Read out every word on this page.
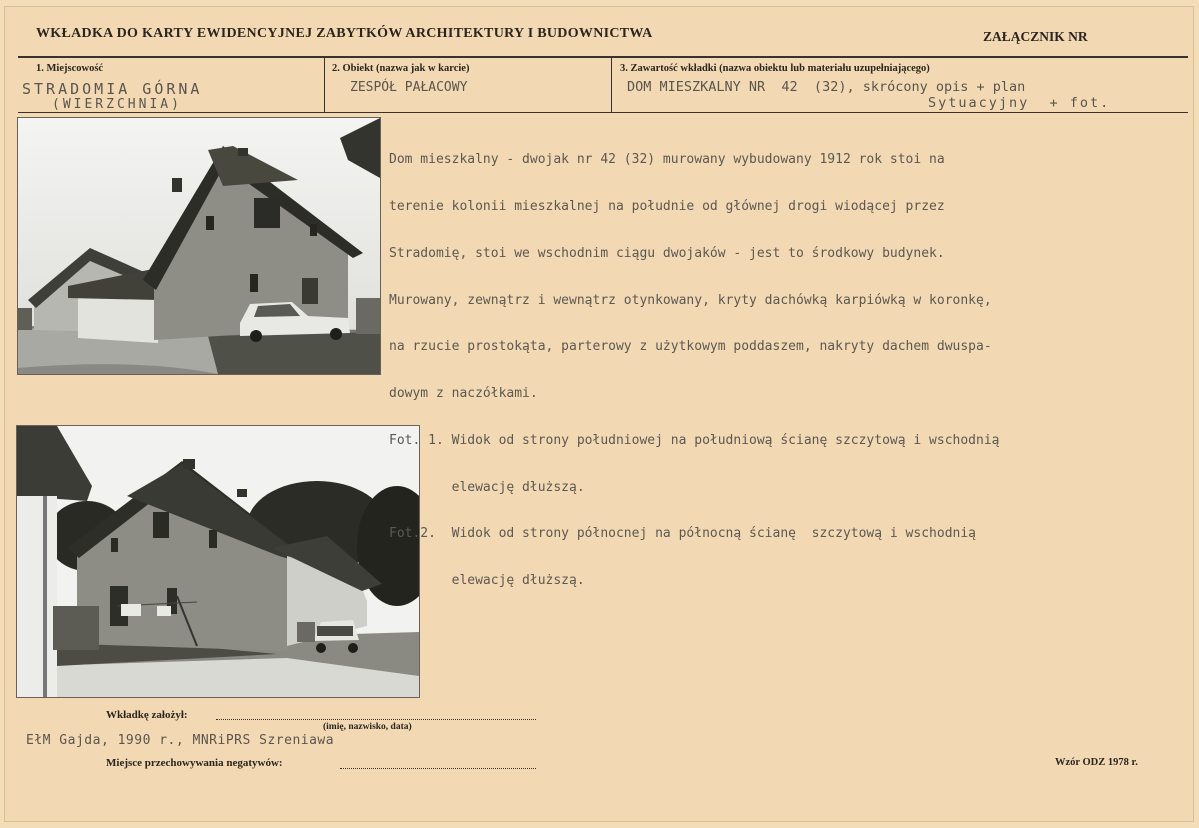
WKŁADKA DO KARTY EWIDENCYJNEJ ZABYTKÓW ARCHITEKTURY I BUDOWNICTWA	ZAŁĄCZNIK NR
1. Miejscowość
STRADOMIA GÓRNA
(WIERZCHNIA)
2. Obiekt (nazwa jak w karcie)
ZESPÓŁ PAŁACOWY
3. Zawartość wkładki (nazwa obiektu lub materiału uzupełniającego)
DOM MIESZKALNY NR  42  (32), skrócony opis + plan
Sytuacyjny  + fot.

Dom mieszkalny - dwojak nr 42 (32) murowany wybudowany 1912 rok stoi na

terenie kolonii mieszkalnej na południe od głównej drogi wiodącej przez

Stradomię, stoi we wschodnim ciągu dwojaków - jest to środkowy budynek.

Murowany, zewnątrz i wewnątrz otynkowany, kryty dachówką karpiówką w koronkę,

na rzucie prostokąta, parterowy z użytkowym poddaszem, nakryty dachem dwuspa-

dowym z naczółkami.

Fot. 1. Widok od strony południowej na południową ścianę szczytową i wschodnią

elewację dłuższą.

Fot.2.  Widok od strony północnej na północną ścianę  szczytową i wschodnią

elewację dłuższą.

Wkładkę założył:
(imię, nazwisko, data)
EłM Gajda, 1990 r., MNRiPRS Szreniawa
Miejsce przechowywania negatywów:	Wzór ODZ 1978 r.
